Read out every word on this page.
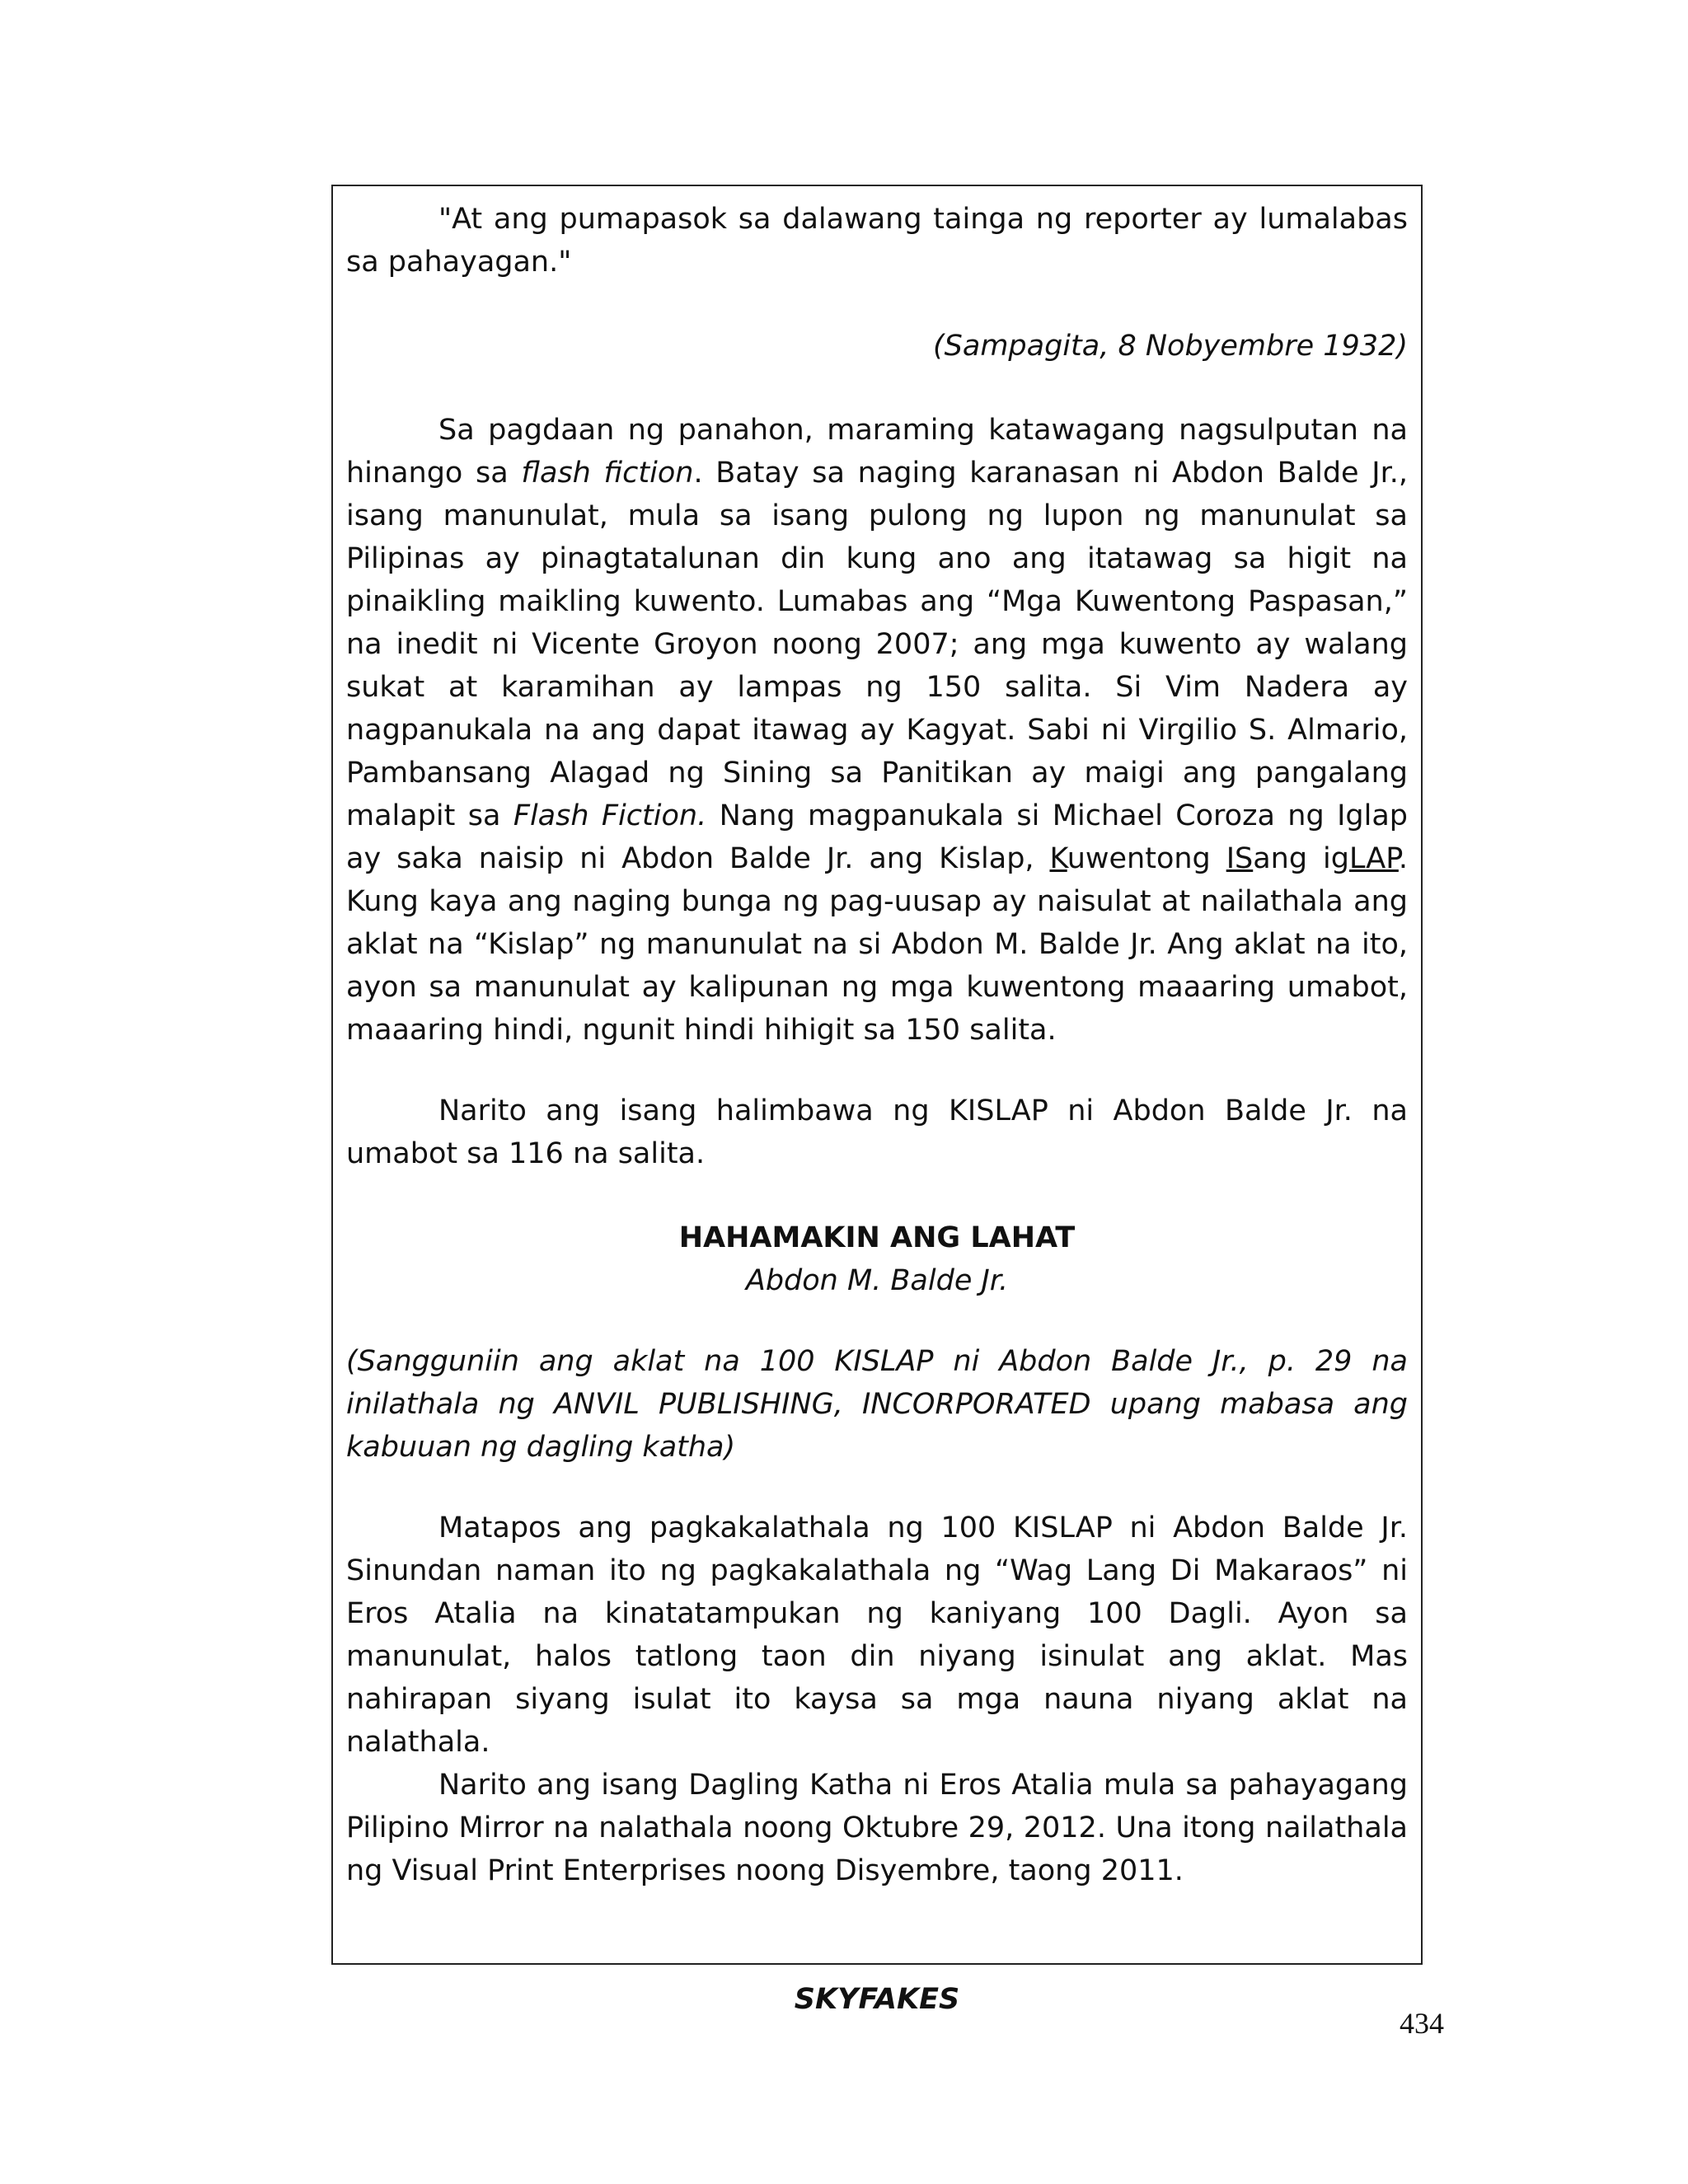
"At ang pumapasok sa dalawang tainga ng reporter ay lumalabas sa pahayagan."

(Sampagita, 8 Nobyembre 1932)

Sa pagdaan ng panahon, maraming katawagang nagsulputan na hinango sa flash fiction. Batay sa naging karanasan ni Abdon Balde Jr., isang manunulat, mula sa isang pulong ng lupon ng manunulat sa Pilipinas ay pinagtatalunan din kung ano ang itatawag sa higit na pinaikling maikling kuwento. Lumabas ang “Mga Kuwentong Paspasan,” na inedit ni Vicente Groyon noong 2007; ang mga kuwento ay walang sukat at karamihan ay lampas ng 150 salita. Si Vim Nadera ay nagpanukala na ang dapat itawag ay Kagyat. Sabi ni Virgilio S. Almario, Pambansang Alagad ng Sining sa Panitikan ay maigi ang pangalang malapit sa Flash Fiction. Nang magpanukala si Michael Coroza ng Iglap ay saka naisip ni Abdon Balde Jr. ang Kislap, Kuwentong ISang igLAP. Kung kaya ang naging bunga ng pag-uusap ay naisulat at nailathala ang aklat na “Kislap” ng manunulat na si Abdon M. Balde Jr. Ang aklat na ito, ayon sa manunulat ay kalipunan ng mga kuwentong maaaring umabot, maaaring hindi, ngunit hindi hihigit sa 150 salita.

Narito ang isang halimbawa ng KISLAP ni Abdon Balde Jr. na umabot sa 116 na salita.

HAHAMAKIN ANG LAHAT

Abdon M. Balde Jr.

(Sangguniin ang aklat na 100 KISLAP ni Abdon Balde Jr., p. 29 na inilathala ng ANVIL PUBLISHING, INCORPORATED upang mabasa ang kabuuan ng dagling katha)

Matapos ang pagkakalathala ng 100 KISLAP ni Abdon Balde Jr. Sinundan naman ito ng pagkakalathala ng “Wag Lang Di Makaraos” ni Eros Atalia na kinatatampukan ng kaniyang 100 Dagli. Ayon sa manunulat, halos tatlong taon din niyang isinulat ang aklat. Mas nahirapan siyang isulat ito kaysa sa mga nauna niyang aklat na nalathala.

Narito ang isang Dagling Katha ni Eros Atalia mula sa pahayagang Pilipino Mirror na nalathala noong Oktubre 29, 2012. Una itong nailathala ng Visual Print Enterprises noong Disyembre, taong 2011.

SKYFAKES

434
